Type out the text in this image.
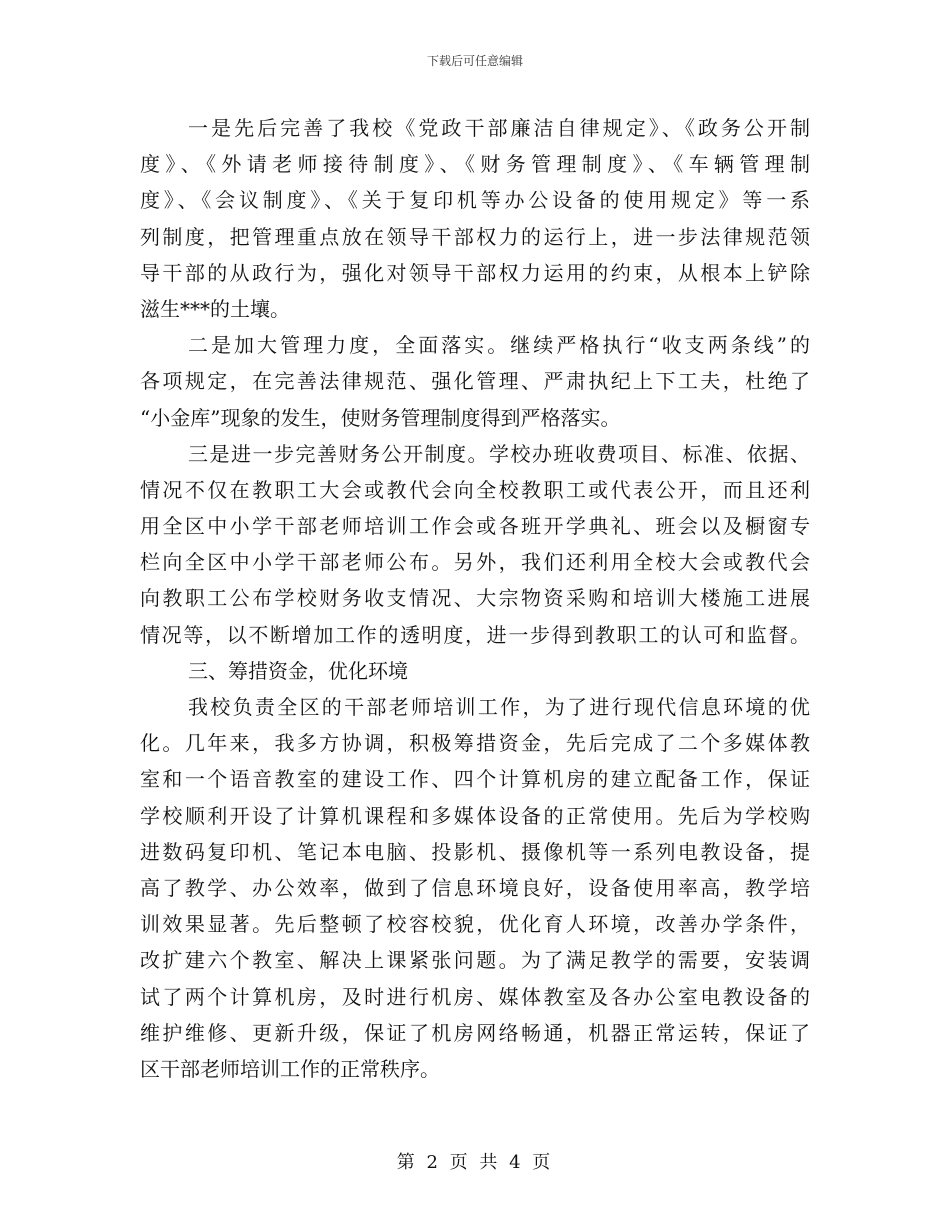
下载后可任意编辑
一是先后完善了我校《党政干部廉洁自律规定》、《政务公开制
度》、《外请老师接待制度》、《财务管理制度》、《车辆管理制
度》、《会议制度》、《关于复印机等办公设备的使用规定》等一系
列制度，把管理重点放在领导干部权力的运行上，进一步法律规范领
导干部的从政行为，强化对领导干部权力运用的约束，从根本上铲除
滋生***的土壤。
二是加大管理力度，全面落实。继续严格执行“收支两条线”的
各项规定，在完善法律规范、强化管理、严肃执纪上下工夫，杜绝了
“小金库”现象的发生，使财务管理制度得到严格落实。
三是进一步完善财务公开制度。学校办班收费项目、标准、依据、
情况不仅在教职工大会或教代会向全校教职工或代表公开，而且还利
用全区中小学干部老师培训工作会或各班开学典礼、班会以及橱窗专
栏向全区中小学干部老师公布。另外，我们还利用全校大会或教代会
向教职工公布学校财务收支情况、大宗物资采购和培训大楼施工进展
情况等，以不断增加工作的透明度，进一步得到教职工的认可和监督。
三、筹措资金，优化环境
我校负责全区的干部老师培训工作，为了进行现代信息环境的优
化。几年来，我多方协调，积极筹措资金，先后完成了二个多媒体教
室和一个语音教室的建设工作、四个计算机房的建立配备工作，保证
学校顺利开设了计算机课程和多媒体设备的正常使用。先后为学校购
进数码复印机、笔记本电脑、投影机、摄像机等一系列电教设备，提
高了教学、办公效率，做到了信息环境良好，设备使用率高，教学培
训效果显著。先后整顿了校容校貌，优化育人环境，改善办学条件，
改扩建六个教室、解决上课紧张问题。为了满足教学的需要，安装调
试了两个计算机房，及时进行机房、媒体教室及各办公室电教设备的
维护维修、更新升级，保证了机房网络畅通，机器正常运转，保证了
区干部老师培训工作的正常秩序。
第 2 页 共 4 页
